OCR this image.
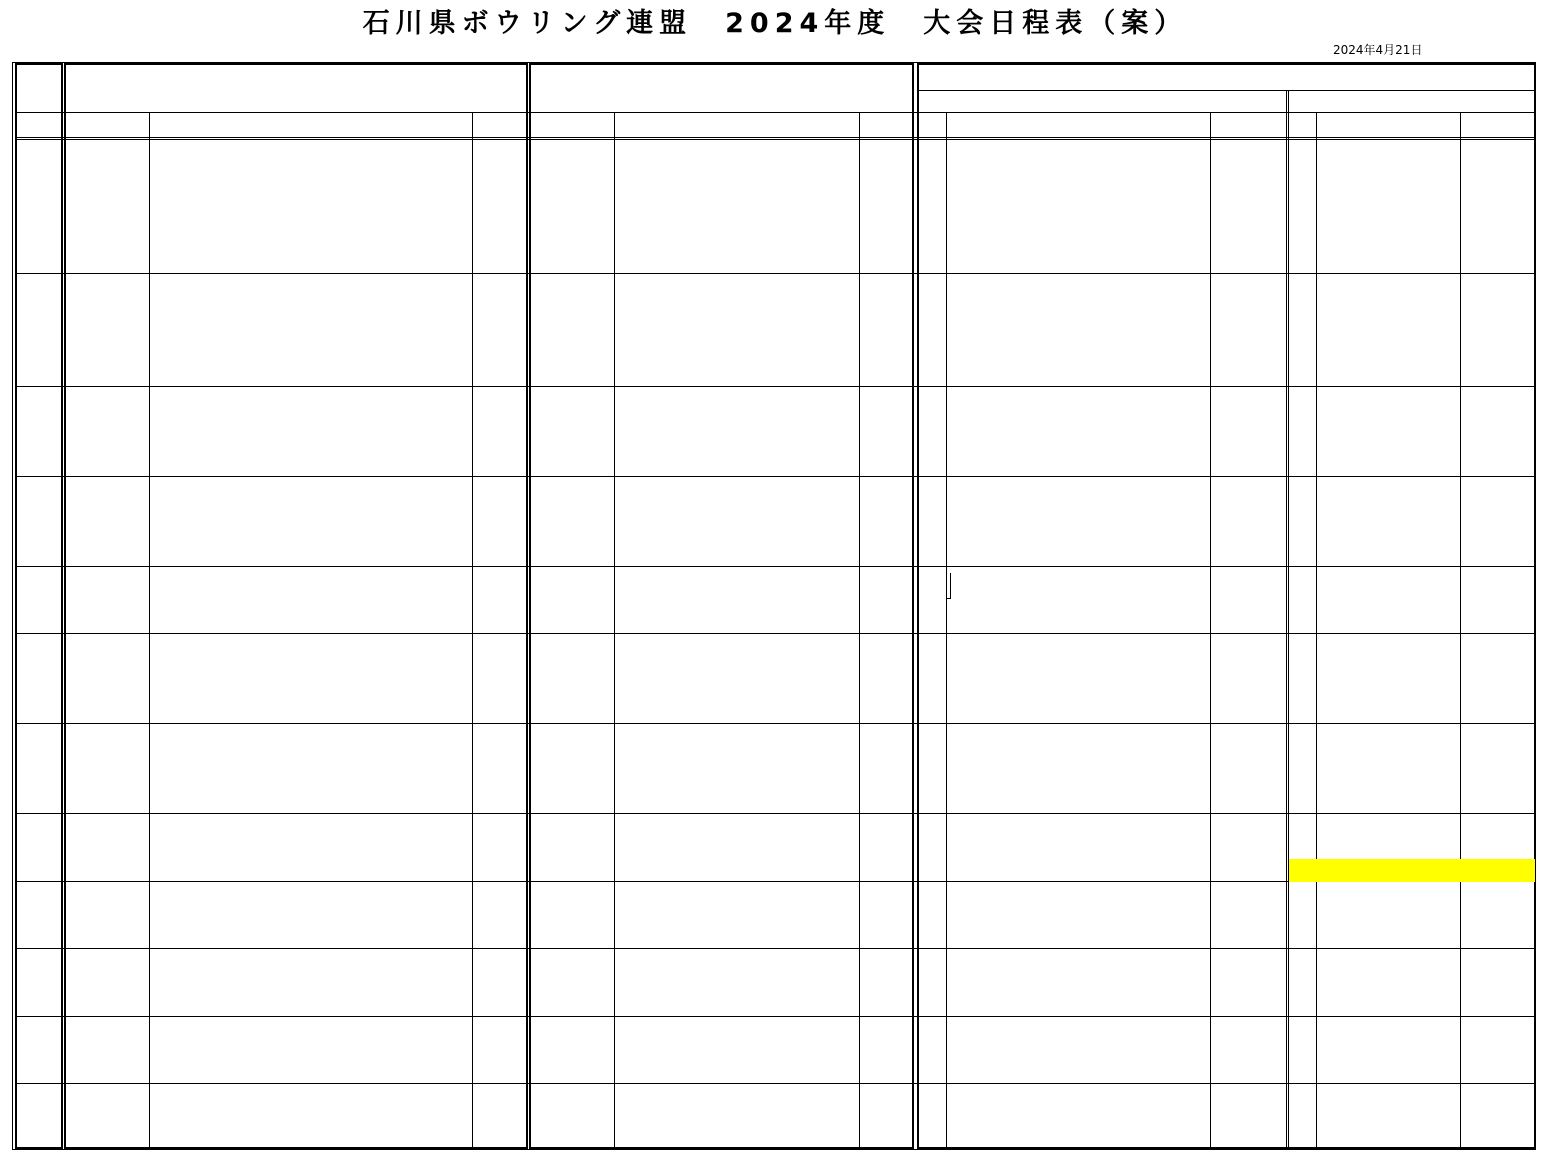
石川県ボウリング連盟　2024年度　大会日程表（案）
2024年4月21日
